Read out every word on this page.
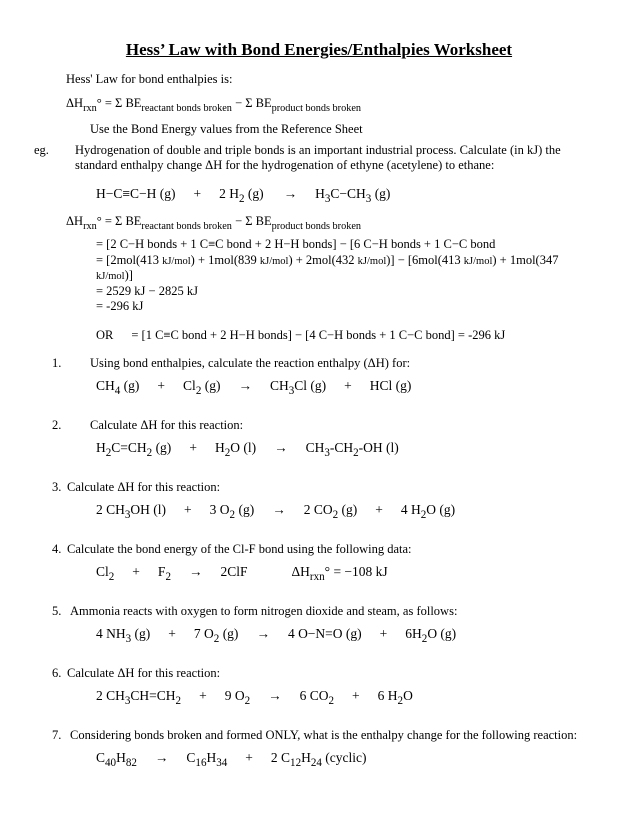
Hess’ Law with Bond Energies/Enthalpies Worksheet
Hess' Law for bond enthalpies is:
$\Delta H_{rxn}^\circ = \Sigma$ $BE_{reactant bonds broken} - \Sigma$ $BE_{product bonds broken}$
Use the Bond Energy values from the Reference Sheet
eg. Hydrogenation of double and triple bonds is an important industrial process. Calculate (in kJ) the
standard enthalpy change ΔH for the hydrogenation of ethyne (acetylene) to ethane:
H−C≡C−H (g) + 2 $H_2$ $(g) \to H_3C-CH_3$ (g)
$\Delta H_{rxn}^\circ = \Sigma$ $BE_{reactant bonds broken} - \Sigma$ $BE_{product bonds broken}$
= [2 C−H bonds + 1 C≡C bond + 2 H−H bonds] − [6 C−H bonds + 1 C−C bond
= [2mol(413 kJ/mol) + 1mol(839 kJ/mol) + 2mol(432 kJ/mol)] − [6mol(413 kJ/mol) + 1mol(347
kJ/mol)]
= 2529 kJ − 2825 kJ
= -296 kJ
OR = [1 C≡C bond + 2 H−H bonds] − [4 C−H bonds + 1 C−C bond] = -296 kJ
1. Using bond enthalpies, calculate the reaction enthalpy (ΔH) for:
$CH_4$ $(g) + Cl_2$ $(g) \to CH_3Cl$ (g) + HCl (g)
2. Calculate ΔH for this reaction:
$H_2C=CH_2$ $(g) + H_2O$ $(l) \to CH_3-CH_2-OH$ (l)
3. Calculate ΔH for this reaction:
2 $CH_3OH$ (l) + 3 $O_2$ (g) → 2 $CO_2$ (g) + 4 $H_2O$ (g)
4. Calculate the bond energy of the Cl-F bond using the following data:
$Cl_2 + F_2 \to 2ClF$	$\Delta H_{rxn}^\circ = -108$ kJ
5. Ammonia reacts with oxygen to form nitrogen dioxide and steam, as follows:
4 $NH_3$ (g) + 7 $O_2$ (g) → 4 O−N=O $(g) + 6H_2O$ (g)
6. Calculate ΔH for this reaction:
2 $CH_3CH=CH_2 + 9$ $O_2 \to 6$ $CO_2 + 6$ $H_2O$
7. Considering bonds broken and formed ONLY, what is the enthalpy change for the following reaction:
$C_{40}H_{82} \to C_{16}H_{34} + 2$ $C_{12}H_{24}$ (cyclic)
